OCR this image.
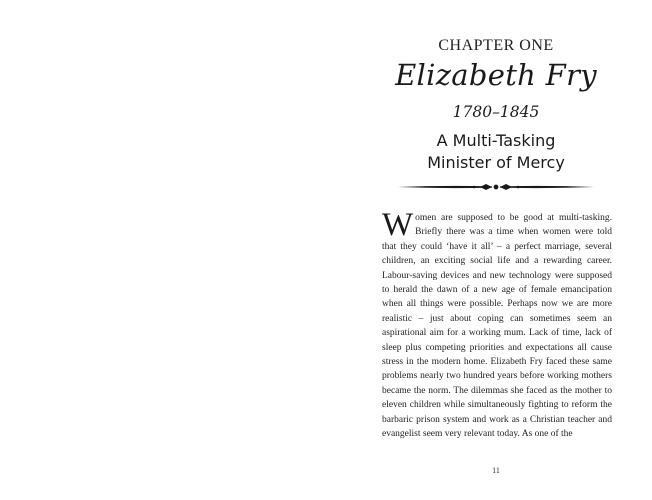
CHAPTER ONE
Elizabeth Fry
1780–1845
A Multi-Tasking
Minister of Mercy

Women are supposed to be good at multi-tasking. Briefly there was a time when women were told that they could ‘have it all’ – a perfect marriage, several children, an exciting social life and a rewarding career. Labour-saving devices and new technology were supposed to herald the dawn of a new age of female emancipation when all things were possible. Perhaps now we are more realistic – just about coping can sometimes seem an aspirational aim for a working mum. Lack of time, lack of sleep plus competing priorities and expectations all cause stress in the modern home. Elizabeth Fry faced these same problems nearly two hundred years before working mothers became the norm. The dilemmas she faced as the mother to eleven children while simultaneously fighting to reform the barbaric prison system and work as a Christian teacher and evangelist seem very relevant today. As one of the

11
